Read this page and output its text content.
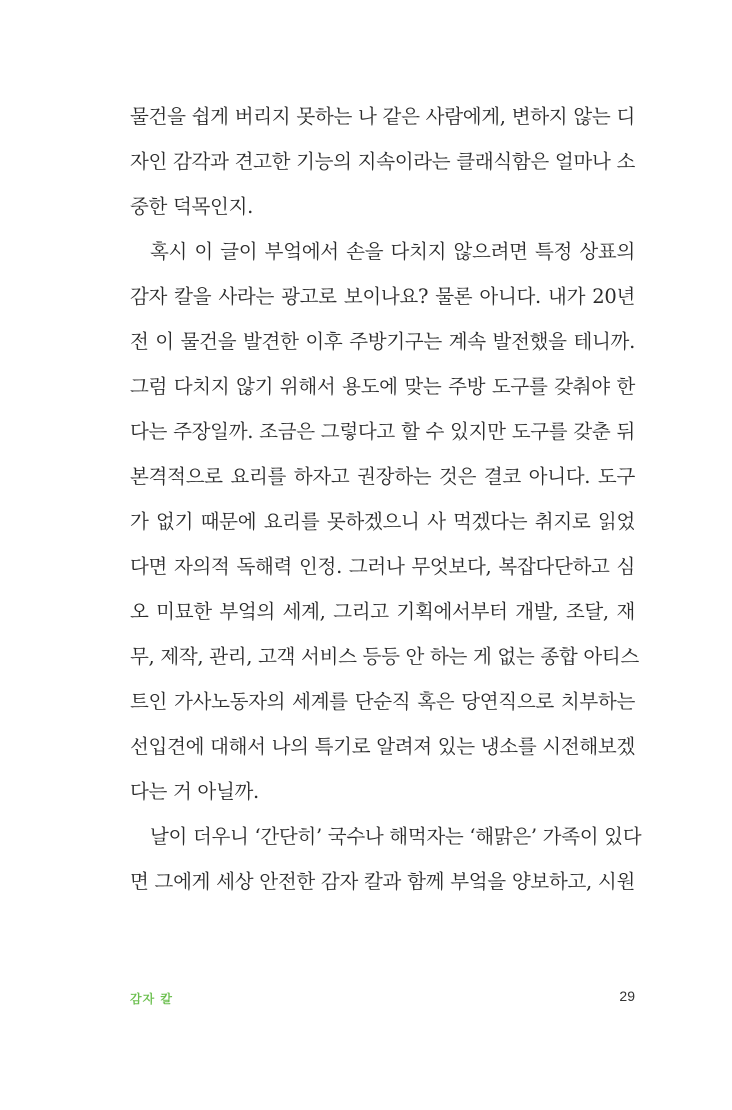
물건을 쉽게 버리지 못하는 나 같은 사람에게, 변하지 않는 디
자인 감각과 견고한 기능의 지속이라는 클래식함은 얼마나 소
중한 덕목인지.
혹시 이 글이 부엌에서 손을 다치지 않으려면 특정 상표의
감자 칼을 사라는 광고로 보이나요? 물론 아니다. 내가 20년
전 이 물건을 발견한 이후 주방기구는 계속 발전했을 테니까.
그럼 다치지 않기 위해서 용도에 맞는 주방 도구를 갖춰야 한
다는 주장일까. 조금은 그렇다고 할 수 있지만 도구를 갖춘 뒤
본격적으로 요리를 하자고 권장하는 것은 결코 아니다. 도구
가 없기 때문에 요리를 못하겠으니 사 먹겠다는 취지로 읽었
다면 자의적 독해력 인정. 그러나 무엇보다, 복잡다단하고 심
오 미묘한 부엌의 세계, 그리고 기획에서부터 개발, 조달, 재
무, 제작, 관리, 고객 서비스 등등 안 하는 게 없는 종합 아티스
트인 가사노동자의 세계를 단순직 혹은 당연직으로 치부하는
선입견에 대해서 나의 특기로 알려져 있는 냉소를 시전해보겠
다는 거 아닐까.
날이 더우니 ‘간단히’ 국수나 해먹자는 ‘해맑은’ 가족이 있다
면 그에게 세상 안전한 감자 칼과 함께 부엌을 양보하고, 시원
감자 칼	29
